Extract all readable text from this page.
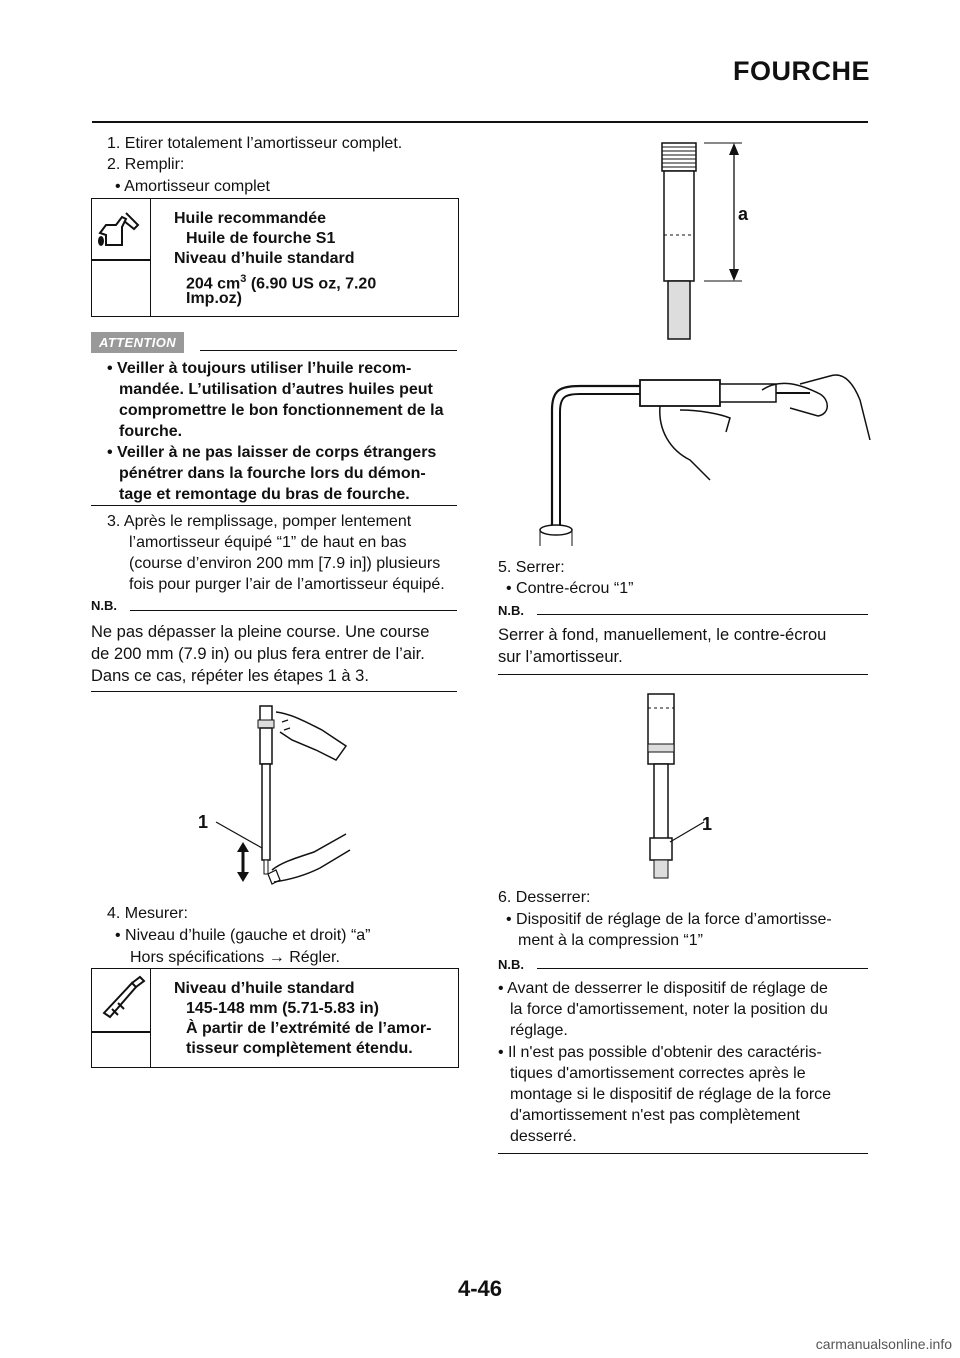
FOURCHE
1. Etirer totalement l’amortisseur complet.
2. Remplir:
• Amortisseur complet
Huile recommandée
Huile de fourche S1
Niveau d’huile standard
204 $cm^3$ (6.90 US oz, 7.20
Imp.oz)
ATTENTION
• Veiller à toujours utiliser l’huile recom-
mandée. L’utilisation d’autres huiles peut
compromettre le bon fonctionnement de la
fourche.
• Veiller à ne pas laisser de corps étrangers
pénétrer dans la fourche lors du démon-
tage et remontage du bras de fourche.
3. Après le remplissage, pomper lentement
l’amortisseur équipé “1” de haut en bas
(course d’environ 200 mm [7.9 in]) plusieurs
fois pour purger l’air de l’amortisseur équipé.
N.B.
Ne pas dépasser la pleine course. Une course
de 200 mm (7.9 in) ou plus fera entrer de l’air.
Dans ce cas, répéter les étapes 1 à 3.
1
4. Mesurer:
• Niveau d’huile (gauche et droit) “a”
Hors spécifications → Régler.
Niveau d’huile standard
145-148 mm (5.71-5.83 in)
À partir de l’extrémité de l’amor-
tisseur complètement étendu.
a
5. Serrer:
• Contre-écrou “1”
N.B.
Serrer à fond, manuellement, le contre-écrou
sur l’amortisseur.
1
6. Desserrer:
• Dispositif de réglage de la force d’amortisse-
ment à la compression “1”
N.B.
• Avant de desserrer le dispositif de réglage de
la force d'amortissement, noter la position du
réglage.
• Il n'est pas possible d'obtenir des caractéris-
tiques d'amortissement correctes après le
montage si le dispositif de réglage de la force
d'amortissement n'est pas complètement
desserré.
4-46
carmanualsonline.info
